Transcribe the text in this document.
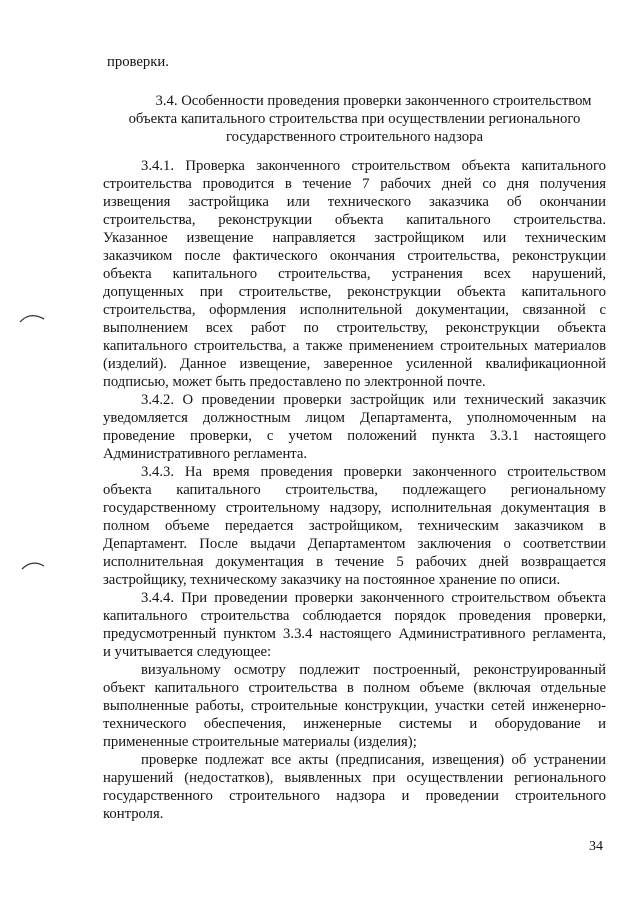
проверки.
3.4. Особенности проведения проверки законченного строительством
объекта капитального строительства при осуществлении регионального
государственного строительного надзора
3.4.1. Проверка законченного строительством объекта капитального
строительства проводится в течение 7 рабочих дней со дня получения
извещения застройщика или технического заказчика об окончании
строительства, реконструкции объекта капитального строительства.
Указанное извещение направляется застройщиком или техническим
заказчиком после фактического окончания строительства, реконструкции
объекта капитального строительства, устранения всех нарушений,
допущенных при строительстве, реконструкции объекта капитального
строительства, оформления исполнительной документации, связанной с
выполнением всех работ по строительству, реконструкции объекта
капитального строительства, а также применением строительных материалов
(изделий). Данное извещение, заверенное усиленной квалификационной
подписью, может быть предоставлено по электронной почте.
3.4.2. О проведении проверки застройщик или технический заказчик
уведомляется должностным лицом Департамента, уполномоченным на
проведение проверки, с учетом положений пункта 3.3.1 настоящего
Административного регламента.
3.4.3. На время проведения проверки законченного строительством
объекта капитального строительства, подлежащего региональному
государственному строительному надзору, исполнительная документация в
полном объеме передается застройщиком, техническим заказчиком в
Департамент. После выдачи Департаментом заключения о соответствии
исполнительная документация в течение 5 рабочих дней возвращается
застройщику, техническому заказчику на постоянное хранение по описи.
3.4.4. При проведении проверки законченного строительством объекта
капитального строительства соблюдается порядок проведения проверки,
предусмотренный пунктом 3.3.4 настоящего Административного регламента,
и учитывается следующее:
визуальному осмотру подлежит построенный, реконструированный
объект капитального строительства в полном объеме (включая отдельные
выполненные работы, строительные конструкции, участки сетей инженерно-
технического обеспечения, инженерные системы и оборудование и
примененные строительные материалы (изделия);
проверке подлежат все акты (предписания, извещения) об устранении
нарушений (недостатков), выявленных при осуществлении регионального
государственного строительного надзора и проведении строительного
контроля.
34
